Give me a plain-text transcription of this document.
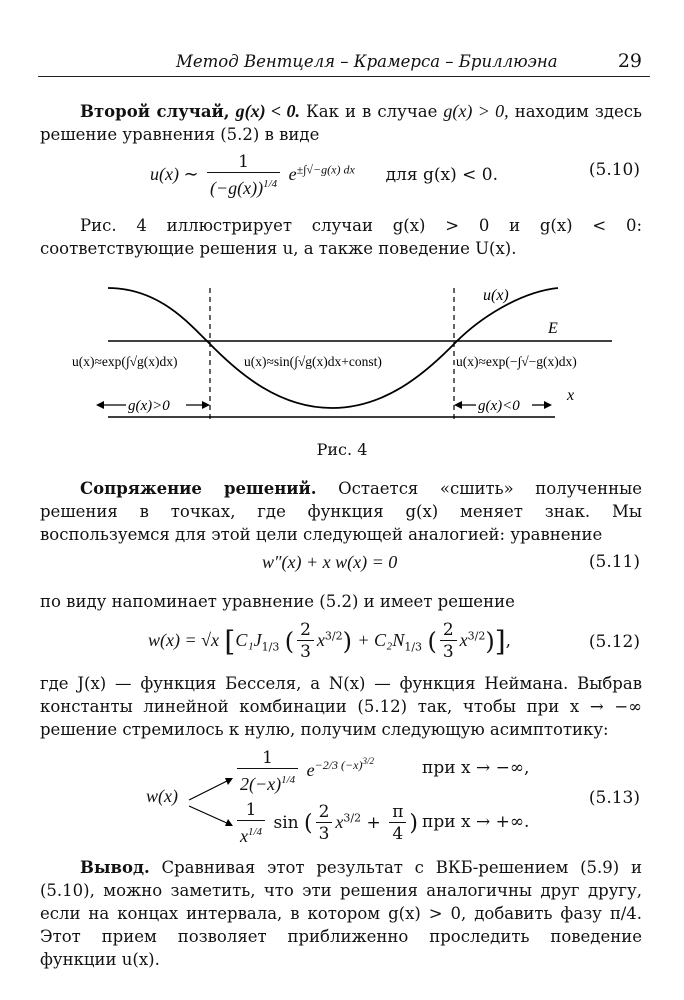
Метод Вентцеля – Крамерса – Бриллюэна	29
Второй случай, g(x) < 0. Как и в случае g(x) > 0, находим здесь решение уравнения (5.2) в виде
u(x) ∼ $\frac{1}{(-g(x))^{1/4}} e^{\pm\int√-g(x) dx}$ для g(x) < 0.	(5.10)
Рис. 4 иллюстрирует случаи g(x) > 0 и g(x) < 0: соответствующие решения u, а также поведение U(x).
u(x)
E
x
u(x)≈exp(∫√g(x)dx)	u(x)≈sin(∫√g(x)dx+const)	u(x)≈exp(−∫√−g(x)dx)
g(x)>0	g(x)<0
Рис. 4
Сопряжение решений. Остается «сшить» полученные решения в точках, где функция g(x) меняет знак. Мы воспользуемся для этой цели следующей аналогией: уравнение
w″(x) + x w(x) = 0	(5.11)
по виду напоминает уравнение (5.2) и имеет решение
w(x) = √x [$C_1J_{1/3}$ ( $\frac{2}{3} x^{3/2}) + C_2N_{1/3}$ ( $\frac{2}{3} x^{3/2}$)],	(5.12)
где J(x) — функция Бесселя, а N(x) — функция Неймана. Выбрав константы линейной комбинации (5.12) так, чтобы при x → −∞ решение стремилось к нулю, получим следующую асимптотику:
w(x)
$\frac{1}{2(-x)^{1/4}} e^{-2/3 (-x)^{3/2}}$	при x → −∞,
$\frac{1}{x^{1/4}}$ sin ( $\frac{2}{3} x^{3/2} + \frac{\pi}{4}$ ) при x → +∞.
(5.13)
Вывод. Сравнивая этот результат с ВКБ-решением (5.9) и (5.10), можно заметить, что эти решения аналогичны друг другу, если на концах интервала, в котором g(x) > 0, добавить фазу π/4. Этот прием позволяет приближенно проследить поведение функции u(x).
